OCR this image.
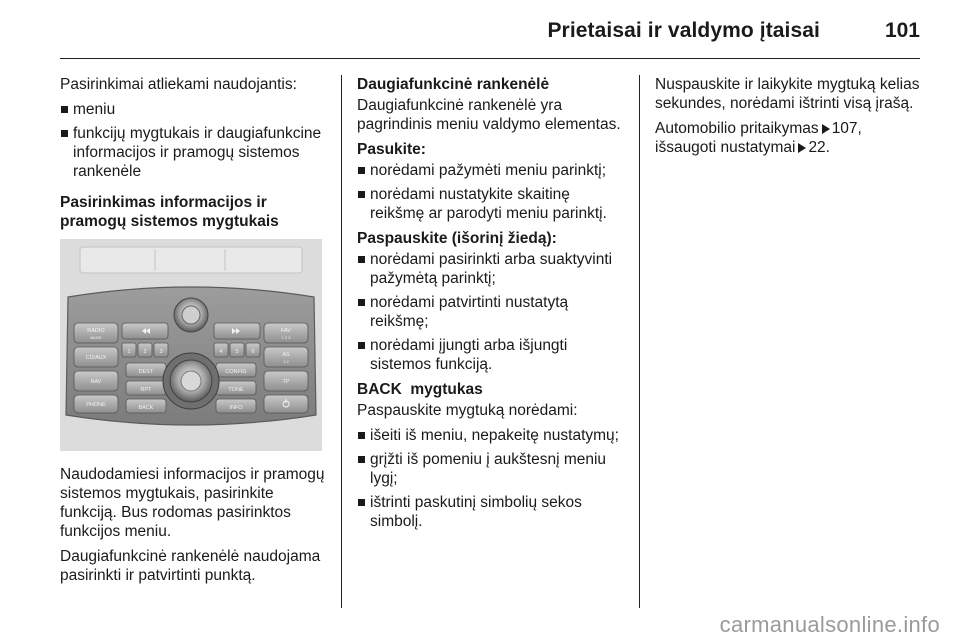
Prietaisai ir valdymo įtaisai	101

Pasirinkimai atliekami naudojantis:

meniu
funkcijų mygtukais ir daugiafunkcine informacijos ir pramogų sistemos rankenėle

Pasirinkimas informacijos ir pramogų sistemos mygtukais

RADIO
BAND
CD/AUX
NAV
PHONE
FAV
1 2 3
AS
1 2
TP
DEST	CONFIG
RPT	TONE
BACK	INFO
1 2 3	4 5 6

Naudodamiesi informacijos ir pramogų sistemos mygtukais, pasirinkite funkciją. Bus rodomas pasirinktos funkcijos meniu.

Daugiafunkcinė rankenėlė naudojama pasirinkti ir patvirtinti punktą.

Daugiafunkcinė rankenėlė

Daugiafunkcinė rankenėlė yra pagrindinis meniu valdymo elementas.

Pasukite:

norėdami pažymėti meniu parinktį;
norėdami nustatykite skaitinę reikšmę ar parodyti meniu parinktį.

Paspauskite (išorinį žiedą):

norėdami pasirinkti arba suaktyvinti pažymėtą parinktį;
norėdami patvirtinti nustatytą reikšmę;
norėdami įjungti arba išjungti sistemos funkciją.

BACK  mygtukas

Paspauskite mygtuką norėdami:

išeiti iš meniu, nepakeitę nustatymų;
grįžti iš pomeniu į aukštesnį meniu lygį;
ištrinti paskutinį simbolių sekos simbolį.

Nuspauskite ir laikykite mygtuką kelias sekundes, norėdami ištrinti visą įrašą.

Automobilio pritaikymas 107,
išsaugoti nustatymai 22.

carmanualsonline.info
